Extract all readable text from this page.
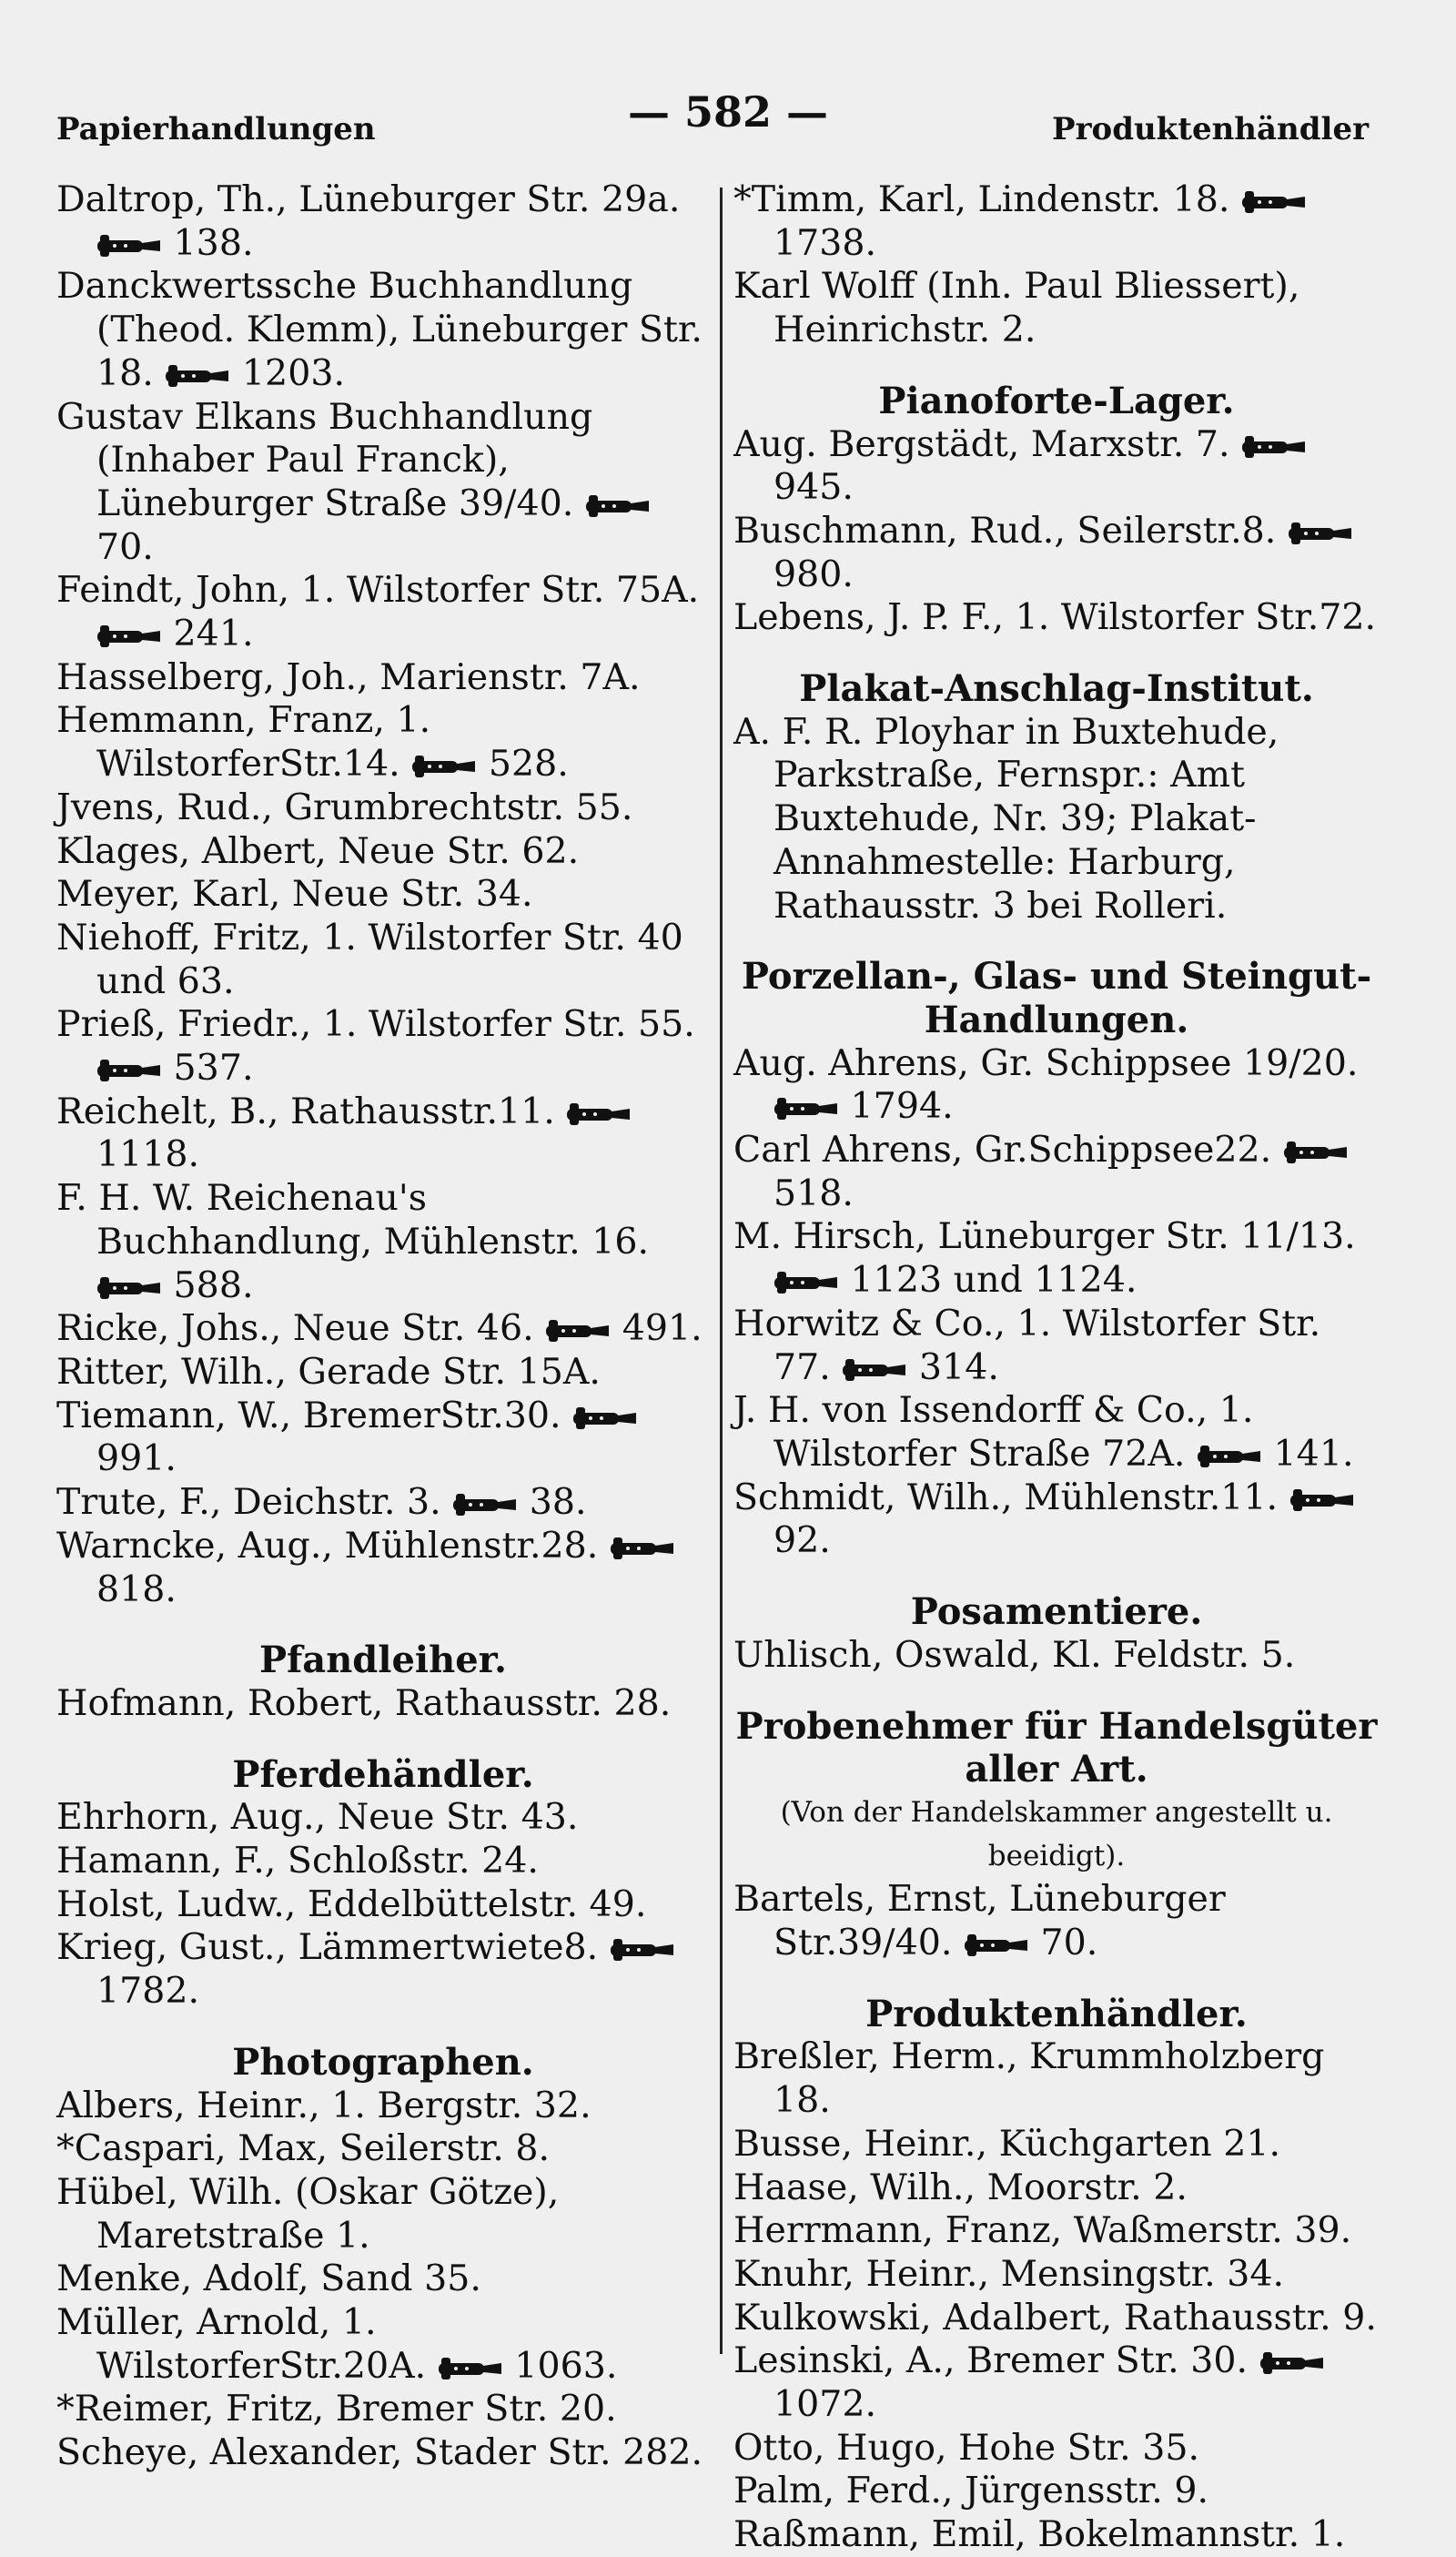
Papierhandlungen	— 582 —	Produktenhändler
Daltrop, Th., Lüneburger Str. 29a.  138.
Danckwertssche Buchhandlung (Theod. Klemm), Lüneburger Str. 18.  1203.
Gustav Elkans Buchhandlung (Inhaber Paul Franck), Lüneburger Straße 39/40.  70.
Feindt, John, 1. Wilstorfer Str. 75A.  241.
Hasselberg, Joh., Marienstr. 7A.
Hemmann, Franz, 1. WilstorferStr.14.  528.
Jvens, Rud., Grumbrechtstr. 55.
Klages, Albert, Neue Str. 62.
Meyer, Karl, Neue Str. 34.
Niehoff, Fritz, 1. Wilstorfer Str. 40 und 63.
Prieß, Friedr., 1. Wilstorfer Str. 55.  537.
Reichelt, B., Rathausstr.11.  1118.
F. H. W. Reichenau's Buchhandlung, Mühlenstr. 16.  588.
Ricke, Johs., Neue Str. 46.  491.
Ritter, Wilh., Gerade Str. 15A.
Tiemann, W., BremerStr.30.  991.
Trute, F., Deichstr. 3.  38.
Warncke, Aug., Mühlenstr.28.  818.
Pfandleiher.
Hofmann, Robert, Rathausstr. 28.
Pferdehändler.
Ehrhorn, Aug., Neue Str. 43.
Hamann, F., Schloßstr. 24.
Holst, Ludw., Eddelbüttelstr. 49.
Krieg, Gust., Lämmertwiete8.  1782.
Photographen.
Albers, Heinr., 1. Bergstr. 32.
*Caspari, Max, Seilerstr. 8.
Hübel, Wilh. (Oskar Götze), Maretstraße 1.
Menke, Adolf, Sand 35.
Müller, Arnold, 1. WilstorferStr.20A.  1063.
*Reimer, Fritz, Bremer Str. 20.
Scheye, Alexander, Stader Str. 282.
*Timm, Karl, Lindenstr. 18.  1738.
Karl Wolff (Inh. Paul Bliessert), Heinrichstr. 2.
Pianoforte-Lager.
Aug. Bergstädt, Marxstr. 7.  945.
Buschmann, Rud., Seilerstr.8.  980.
Lebens, J. P. F., 1. Wilstorfer Str.72.
Plakat-Anschlag-Institut.
A. F. R. Ployhar in Buxtehude, Parkstraße, Fernspr.: Amt Buxtehude, Nr. 39; Plakat-Annahmestelle: Harburg, Rathausstr. 3 bei Rolleri.
Porzellan-, Glas- und Steingut-Handlungen.
Aug. Ahrens, Gr. Schippsee 19/20.  1794.
Carl Ahrens, Gr.Schippsee22.  518.
M. Hirsch, Lüneburger Str. 11/13.  1123 und 1124.
Horwitz & Co., 1. Wilstorfer Str. 77.  314.
J. H. von Issendorff & Co., 1. Wilstorfer Straße 72A.  141.
Schmidt, Wilh., Mühlenstr.11.  92.
Posamentiere.
Uhlisch, Oswald, Kl. Feldstr. 5.
Probenehmer für Handelsgüter aller Art.
(Von der Handelskammer angestellt u. beeidigt).
Bartels, Ernst, Lüneburger Str.39/40.  70.
Produktenhändler.
Breßler, Herm., Krummholzberg 18.
Busse, Heinr., Küchgarten 21.
Haase, Wilh., Moorstr. 2.
Herrmann, Franz, Waßmerstr. 39.
Knuhr, Heinr., Mensingstr. 34.
Kulkowski, Adalbert, Rathausstr. 9.
Lesinski, A., Bremer Str. 30.  1072.
Otto, Hugo, Hohe Str. 35.
Palm, Ferd., Jürgensstr. 9.
Raßmann, Emil, Bokelmannstr. 1.
